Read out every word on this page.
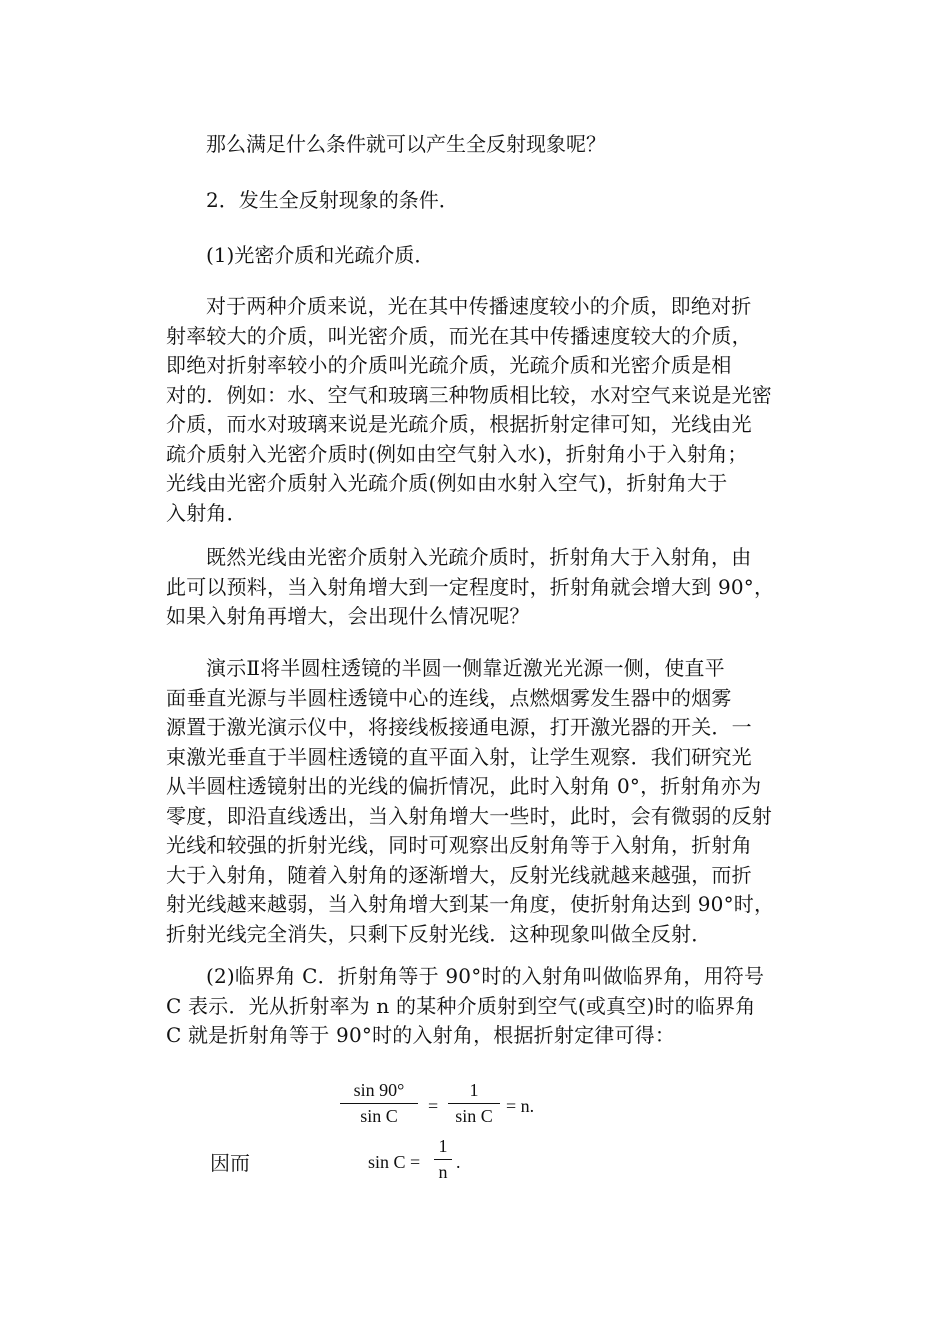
那么满足什么条件就可以产生全反射现象呢？
2．发生全反射现象的条件．
(1)光密介质和光疏介质．
对于两种介质来说，光在其中传播速度较小的介质，即绝对折
射率较大的介质，叫光密介质，而光在其中传播速度较大的介质，
即绝对折射率较小的介质叫光疏介质，光疏介质和光密介质是相
对的．例如：水、空气和玻璃三种物质相比较，水对空气来说是光密
介质，而水对玻璃来说是光疏介质，根据折射定律可知，光线由光
疏介质射入光密介质时(例如由空气射入水)，折射角小于入射角；
光线由光密介质射入光疏介质(例如由水射入空气)，折射角大于
入射角．
既然光线由光密介质射入光疏介质时，折射角大于入射角，由
此可以预料，当入射角增大到一定程度时，折射角就会增大到 90°，
如果入射角再增大，会出现什么情况呢？
演示Ⅱ将半圆柱透镜的半圆一侧靠近激光光源一侧，使直平
面垂直光源与半圆柱透镜中心的连线，点燃烟雾发生器中的烟雾
源置于激光演示仪中，将接线板接通电源，打开激光器的开关．一
束激光垂直于半圆柱透镜的直平面入射，让学生观察．我们研究光
从半圆柱透镜射出的光线的偏折情况，此时入射角 0°，折射角亦为
零度，即沿直线透出，当入射角增大一些时，此时，会有微弱的反射
光线和较强的折射光线，同时可观察出反射角等于入射角，折射角
大于入射角，随着入射角的逐渐增大，反射光线就越来越强，而折
射光线越来越弱，当入射角增大到某一角度，使折射角达到 90°时，
折射光线完全消失，只剩下反射光线．这种现象叫做全反射．
(2)临界角 C．折射角等于 90°时的入射角叫做临界角，用符号
C 表示．光从折射率为 n 的某种介质射到空气(或真空)时的临界角
C 就是折射角等于 90°时的入射角，根据折射定律可得：
sin 90°
sin C	=
1
sin C = n.
因而	sin C =
1
n .
